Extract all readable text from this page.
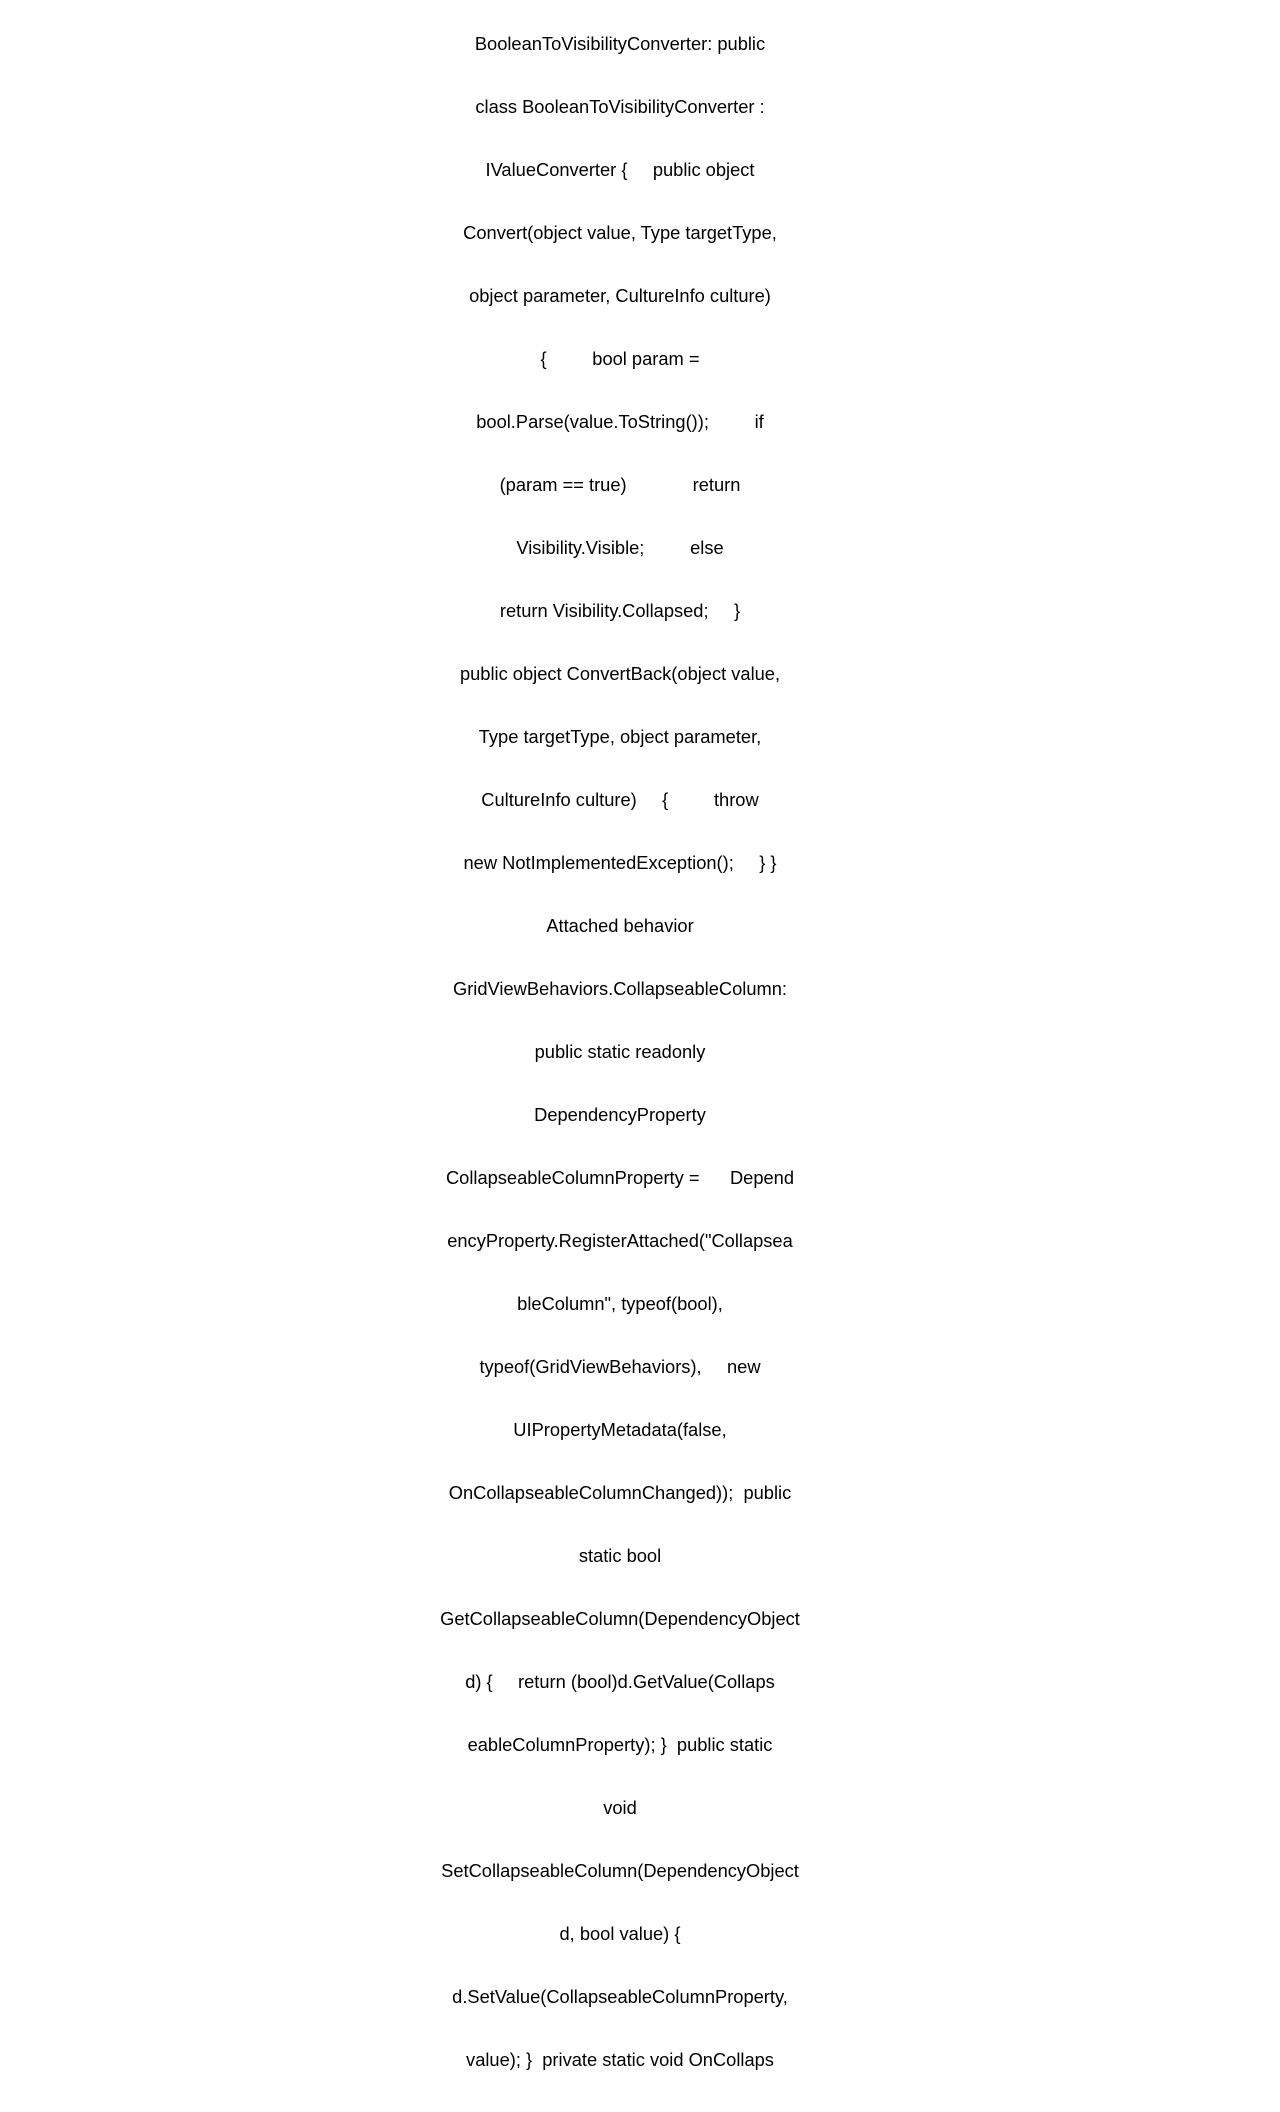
BooleanToVisibilityConverter: public

class BooleanToVisibilityConverter :

IValueConverter {     public object

Convert(object value, Type targetType,

object parameter, CultureInfo culture)

{         bool param =

bool.Parse(value.ToString());         if

(param == true)             return

Visibility.Visible;         else

return Visibility.Collapsed;     }

public object ConvertBack(object value,

Type targetType, object parameter,

CultureInfo culture)     {         throw

new NotImplementedException();     } }

Attached behavior

GridViewBehaviors.CollapseableColumn:

public static readonly

DependencyProperty

CollapseableColumnProperty =      Depend

encyProperty.RegisterAttached("Collapsea

bleColumn", typeof(bool),

typeof(GridViewBehaviors),     new

UIPropertyMetadata(false,

OnCollapseableColumnChanged));  public

static bool

GetCollapseableColumn(DependencyObject

d) {     return (bool)d.GetValue(Collaps

eableColumnProperty); }  public static

void

SetCollapseableColumn(DependencyObject

d, bool value) {

d.SetValue(CollapseableColumnProperty,

value); }  private static void OnCollaps
